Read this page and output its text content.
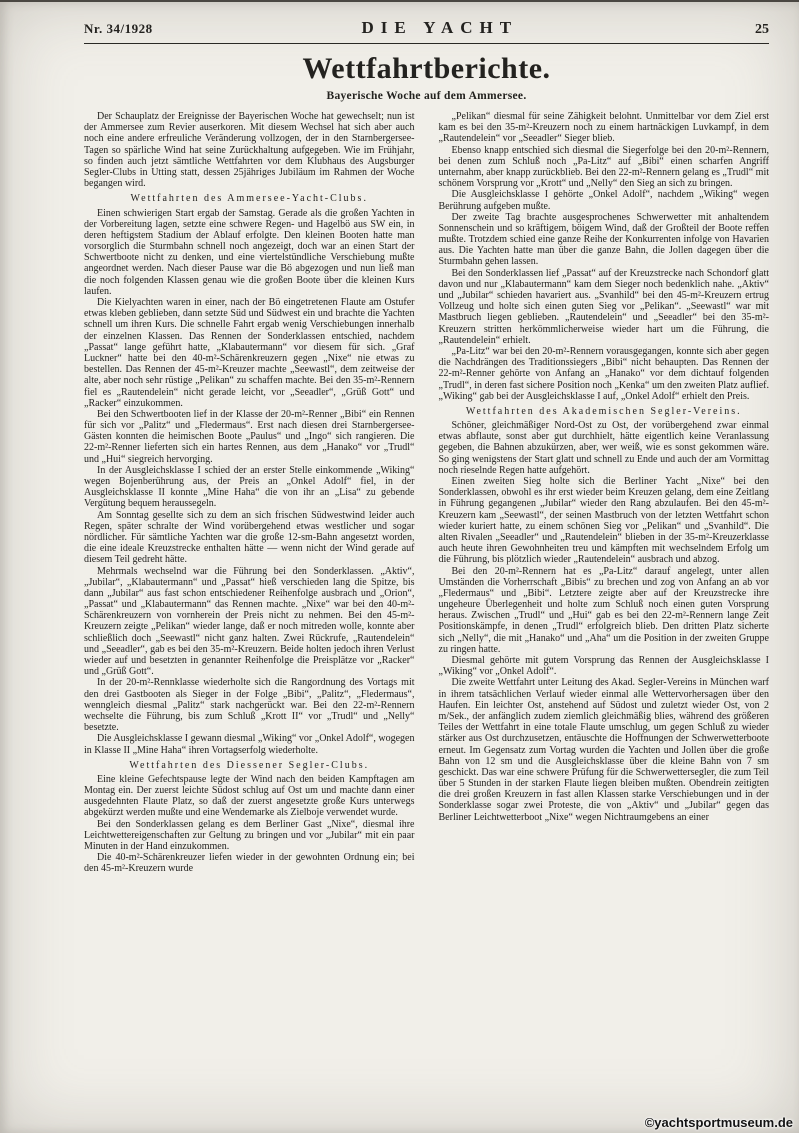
Nr. 34/1928	DIE YACHT	25
Wettfahrtberichte.
Bayerische Woche auf dem Ammersee.

Der Schauplatz der Ereignisse der Bayerischen Woche hat gewechselt; nun ist der Ammersee zum Revier auserkoren. Mit diesem Wechsel hat sich aber auch noch eine andere erfreuliche Veränderung vollzogen, der in den Starnbergersee-Tagen so spärliche Wind hat seine Zurückhaltung aufgegeben. Wie im Frühjahr, so finden auch jetzt sämtliche Wettfahrten vor dem Klubhaus des Augsburger Segler-Clubs in Utting statt, dessen 25jähriges Jubiläum im Rahmen der Woche begangen wird.

Wettfahrten des Ammersee-Yacht-Clubs.

Einen schwierigen Start ergab der Samstag. Gerade als die großen Yachten in der Vorbereitung lagen, setzte eine schwere Regen- und Hagelbö aus SW ein, in deren heftigstem Stadium der Ablauf erfolgte. Den kleinen Booten hatte man vorsorglich die Sturmbahn schnell noch angezeigt, doch war an einen Start der Schwertboote nicht zu denken, und eine viertelstündliche Verschiebung mußte angeordnet werden. Nach dieser Pause war die Bö abgezogen und nun ließ man die noch folgenden Klassen genau wie die großen Boote über die kleinen Kurs laufen.

Die Kielyachten waren in einer, nach der Bö eingetretenen Flaute am Ostufer etwas kleben geblieben, dann setzte Süd und Südwest ein und brachte die Yachten schnell um ihren Kurs. Die schnelle Fahrt ergab wenig Verschiebungen innerhalb der einzelnen Klassen. Das Rennen der Sonderklassen entschied, nachdem „Passat“ lange geführt hatte, „Klabautermann“ vor diesem für sich. „Graf Luckner“ hatte bei den 40-m²-Schärenkreuzern gegen „Nixe“ nie etwas zu bestellen. Das Rennen der 45-m²-Kreuzer machte „Seewastl“, dem zeitweise der alte, aber noch sehr rüstige „Pelikan“ zu schaffen machte. Bei den 35-m²-Rennern fiel es „Rautendelein“ nicht gerade leicht, vor „Seeadler“, „Grüß Gott“ und „Racker“ einzukommen.

Bei den Schwertbooten lief in der Klasse der 20-m²-Renner „Bibi“ ein Rennen für sich vor „Palitz“ und „Fledermaus“. Erst nach diesen drei Starnbergersee-Gästen konnten die heimischen Boote „Paulus“ und „Ingo“ sich rangieren. Die 22-m²-Renner lieferten sich ein hartes Rennen, aus dem „Hanako“ vor „Trudl“ und „Hui“ siegreich hervorging.

In der Ausgleichsklasse I schied der an erster Stelle einkommende „Wiking“ wegen Bojenberührung aus, der Preis an „Onkel Adolf“ fiel, in der Ausgleichsklasse II konnte „Mine Haha“ die von ihr an „Lisa“ zu gebende Vergütung bequem heraussegeln.

Am Sonntag gesellte sich zu dem an sich frischen Südwestwind leider auch Regen, später schralte der Wind vorübergehend etwas westlicher und sogar nördlicher. Für sämtliche Yachten war die große 12-sm-Bahn angesetzt worden, die eine ideale Kreuzstrecke enthalten hätte — wenn nicht der Wind gerade auf diesem Teil gedreht hätte.

Mehrmals wechselnd war die Führung bei den Sonderklassen. „Aktiv“, „Jubilar“, „Klabautermann“ und „Passat“ hieß verschieden lang die Spitze, bis dann „Jubilar“ aus fast schon entschiedener Reihenfolge ausbrach und „Orion“, „Passat“ und „Klabautermann“ das Rennen machte. „Nixe“ war bei den 40-m²-Schärenkreuzern von vornherein der Preis nicht zu nehmen. Bei den 45-m²-Kreuzern zeigte „Pelikan“ wieder lange, daß er noch mitreden wolle, konnte aber schließlich doch „Seewastl“ nicht ganz halten. Zwei Rückrufe, „Rautendelein“ und „Seeadler“, gab es bei den 35-m²-Kreuzern. Beide holten jedoch ihren Verlust wieder auf und besetzten in genannter Reihenfolge die Preisplätze vor „Racker“ und „Grüß Gott“.

In der 20-m²-Rennklasse wiederholte sich die Rangordnung des Vortags mit den drei Gastbooten als Sieger in der Folge „Bibi“, „Palitz“, „Fledermaus“, wenngleich diesmal „Palitz“ stark nachgerückt war. Bei den 22-m²-Rennern wechselte die Führung, bis zum Schluß „Krott II“ vor „Trudl“ und „Nelly“ besetzte.

Die Ausgleichsklasse I gewann diesmal „Wiking“ vor „Onkel Adolf“, wogegen in Klasse II „Mine Haha“ ihren Vortagserfolg wiederholte.

Wettfahrten des Diessener Segler-Clubs.

Eine kleine Gefechtspause legte der Wind nach den beiden Kampftagen am Montag ein. Der zuerst leichte Südost schlug auf Ost um und machte dann einer ausgedehnten Flaute Platz, so daß der zuerst angesetzte große Kurs unterwegs abgekürzt werden mußte und eine Wendemarke als Zielboje verwendet wurde.

Bei den Sonderklassen gelang es dem Berliner Gast „Nixe“, diesmal ihre Leichtwettereigenschaften zur Geltung zu bringen und vor „Jubilar“ mit ein paar Minuten in der Hand einzukommen.

Die 40-m²-Schärenkreuzer liefen wieder in der gewohnten Ordnung ein; bei den 45-m²-Kreuzern wurde

„Pelikan“ diesmal für seine Zähigkeit belohnt. Unmittelbar vor dem Ziel erst kam es bei den 35-m²-Kreuzern noch zu einem hartnäckigen Luvkampf, in dem „Rautendelein“ vor „Seeadler“ Sieger blieb.

Ebenso knapp entschied sich diesmal die Siegerfolge bei den 20-m²-Rennern, bei denen zum Schluß noch „Pa-Litz“ auf „Bibi“ einen scharfen Angriff unternahm, aber knapp zurückblieb. Bei den 22-m²-Rennern gelang es „Trudl“ mit schönem Vorsprung vor „Krott“ und „Nelly“ den Sieg an sich zu bringen.

Die Ausgleichsklasse I gehörte „Onkel Adolf“, nachdem „Wiking“ wegen Berührung aufgeben mußte.

Der zweite Tag brachte ausgesprochenes Schwerwetter mit anhaltendem Sonnenschein und so kräftigem, böigem Wind, daß der Großteil der Boote reffen mußte. Trotzdem schied eine ganze Reihe der Konkurrenten infolge von Havarien aus. Die Yachten hatte man über die ganze Bahn, die Jollen dagegen über die Sturmbahn gehen lassen.

Bei den Sonderklassen lief „Passat“ auf der Kreuzstrecke nach Schondorf glatt davon und nur „Klabautermann“ kam dem Sieger noch bedenklich nahe. „Aktiv“ und „Jubilar“ schieden havariert aus. „Svanhild“ bei den 45-m²-Kreuzern ertrug Vollzeug und holte sich einen guten Sieg vor „Pelikan“. „Seewastl“ war mit Mastbruch liegen geblieben. „Rautendelein“ und „Seeadler“ bei den 35-m²-Kreuzern stritten herkömmlicherweise wieder hart um die Führung, die „Rautendelein“ erhielt.

„Pa-Litz“ war bei den 20-m²-Rennern vorausgegangen, konnte sich aber gegen die Nachdrängen des Traditionssiegers „Bibi“ nicht behaupten. Das Rennen der 22-m²-Renner gehörte von Anfang an „Hanako“ vor dem dichtauf folgenden „Trudl“, in deren fast sichere Position noch „Kenka“ um den zweiten Platz auflief. „Wiking“ gab bei der Ausgleichsklasse I auf, „Onkel Adolf“ erhielt den Preis.

Wettfahrten des Akademischen Segler-Vereins.

Schöner, gleichmäßiger Nord-Ost zu Ost, der vorübergehend zwar einmal etwas abflaute, sonst aber gut durchhielt, hätte eigentlich keine Veranlassung gegeben, die Bahnen abzukürzen, aber, wer weiß, wie es sonst gekommen wäre. So ging wenigstens der Start glatt und schnell zu Ende und auch der am Vormittag noch rieselnde Regen hatte aufgehört.

Einen zweiten Sieg holte sich die Berliner Yacht „Nixe“ bei den Sonderklassen, obwohl es ihr erst wieder beim Kreuzen gelang, dem eine Zeitlang in Führung gegangenen „Jubilar“ wieder den Rang abzulaufen. Bei den 45-m²-Kreuzern kam „Seewastl“, der seinen Mastbruch von der letzten Wettfahrt schon wieder kuriert hatte, zu einem schönen Sieg vor „Pelikan“ und „Svanhild“. Die alten Rivalen „Seeadler“ und „Rautendelein“ blieben in der 35-m²-Kreuzerklasse auch heute ihren Gewohnheiten treu und kämpften mit wechselndem Erfolg um die Führung, bis plötzlich wieder „Rautendelein“ ausbrach und abzog.

Bei den 20-m²-Rennern hat es „Pa-Litz“ darauf angelegt, unter allen Umständen die Vorherrschaft „Bibis“ zu brechen und zog von Anfang an ab vor „Fledermaus“ und „Bibi“. Letztere zeigte aber auf der Kreuzstrecke ihre ungeheure Überlegenheit und holte zum Schluß noch einen guten Vorsprung heraus. Zwischen „Trudl“ und „Hui“ gab es bei den 22-m²-Rennern lange Zeit Positionskämpfe, in denen „Trudl“ erfolgreich blieb. Den dritten Platz sicherte sich „Nelly“, die mit „Hanako“ und „Aha“ um die Position in der zweiten Gruppe zu ringen hatte.

Diesmal gehörte mit gutem Vorsprung das Rennen der Ausgleichsklasse I „Wiking“ vor „Onkel Adolf“.

Die zweite Wettfahrt unter Leitung des Akad. Segler-Vereins in München warf in ihrem tatsächlichen Verlauf wieder einmal alle Wettervorhersagen über den Haufen. Ein leichter Ost, anstehend auf Südost und zuletzt wieder Ost, von 2 m/Sek., der anfänglich zudem ziemlich gleichmäßig blies, während des größeren Teiles der Wettfahrt in eine totale Flaute umschlug, um gegen Schluß zu wieder stärker aus Ost durchzusetzen, entäuschte die Hoffnungen der Schwerwetterboote erneut. Im Gegensatz zum Vortag wurden die Yachten und Jollen über die große Bahn von 12 sm und die Ausgleichsklasse über die kleine Bahn von 7 sm geschickt. Das war eine schwere Prüfung für die Schwerwettersegler, die zum Teil über 5 Stunden in der starken Flaute liegen bleiben mußten. Obendrein zeitigten die drei großen Kreuzern in fast allen Klassen starke Verschiebungen und in der Sonderklasse sogar zwei Proteste, die von „Aktiv“ und „Jubilar“ gegen das Berliner Leichtwetterboot „Nixe“ wegen Nichtraumgebens an einer

©yachtsportmuseum.de
